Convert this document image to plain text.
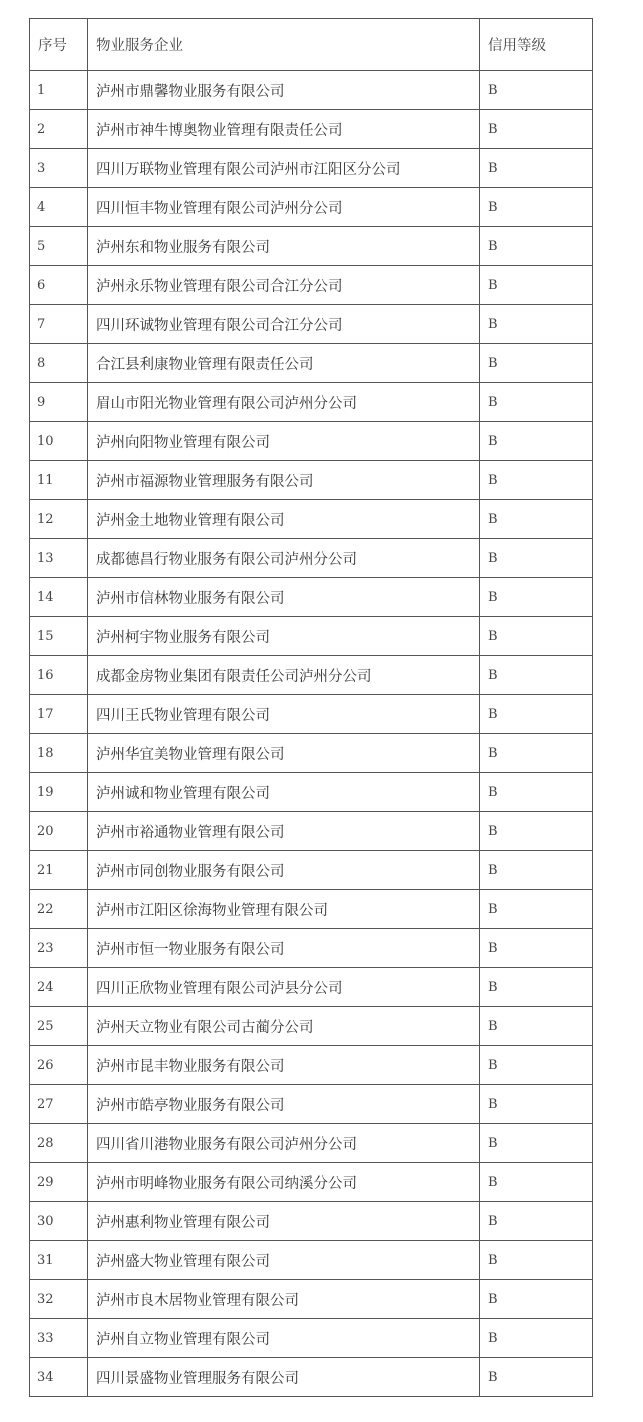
序号	物业服务企业	信用等级
1	泸州市鼎馨物业服务有限公司	B
2	泸州市神牛博奥物业管理有限责任公司	B
3	四川万联物业管理有限公司泸州市江阳区分公司	B
4	四川恒丰物业管理有限公司泸州分公司	B
5	泸州东和物业服务有限公司	B
6	泸州永乐物业管理有限公司合江分公司	B
7	四川环诚物业管理有限公司合江分公司	B
8	合江县利康物业管理有限责任公司	B
9	眉山市阳光物业管理有限公司泸州分公司	B
10	泸州向阳物业管理有限公司	B
11	泸州市福源物业管理服务有限公司	B
12	泸州金土地物业管理有限公司	B
13	成都德昌行物业服务有限公司泸州分公司	B
14	泸州市信林物业服务有限公司	B
15	泸州柯宇物业服务有限公司	B
16	成都金房物业集团有限责任公司泸州分公司	B
17	四川王氏物业管理有限公司	B
18	泸州华宜美物业管理有限公司	B
19	泸州诚和物业管理有限公司	B
20	泸州市裕通物业管理有限公司	B
21	泸州市同创物业服务有限公司	B
22	泸州市江阳区徐海物业管理有限公司	B
23	泸州市恒一物业服务有限公司	B
24	四川正欣物业管理有限公司泸县分公司	B
25	泸州天立物业有限公司古蔺分公司	B
26	泸州市昆丰物业服务有限公司	B
27	泸州市皓亭物业服务有限公司	B
28	四川省川港物业服务有限公司泸州分公司	B
29	泸州市明峰物业服务有限公司纳溪分公司	B
30	泸州惠利物业管理有限公司	B
31	泸州盛大物业管理有限公司	B
32	泸州市良木居物业管理有限公司	B
33	泸州自立物业管理有限公司	B
34	四川景盛物业管理服务有限公司	B
